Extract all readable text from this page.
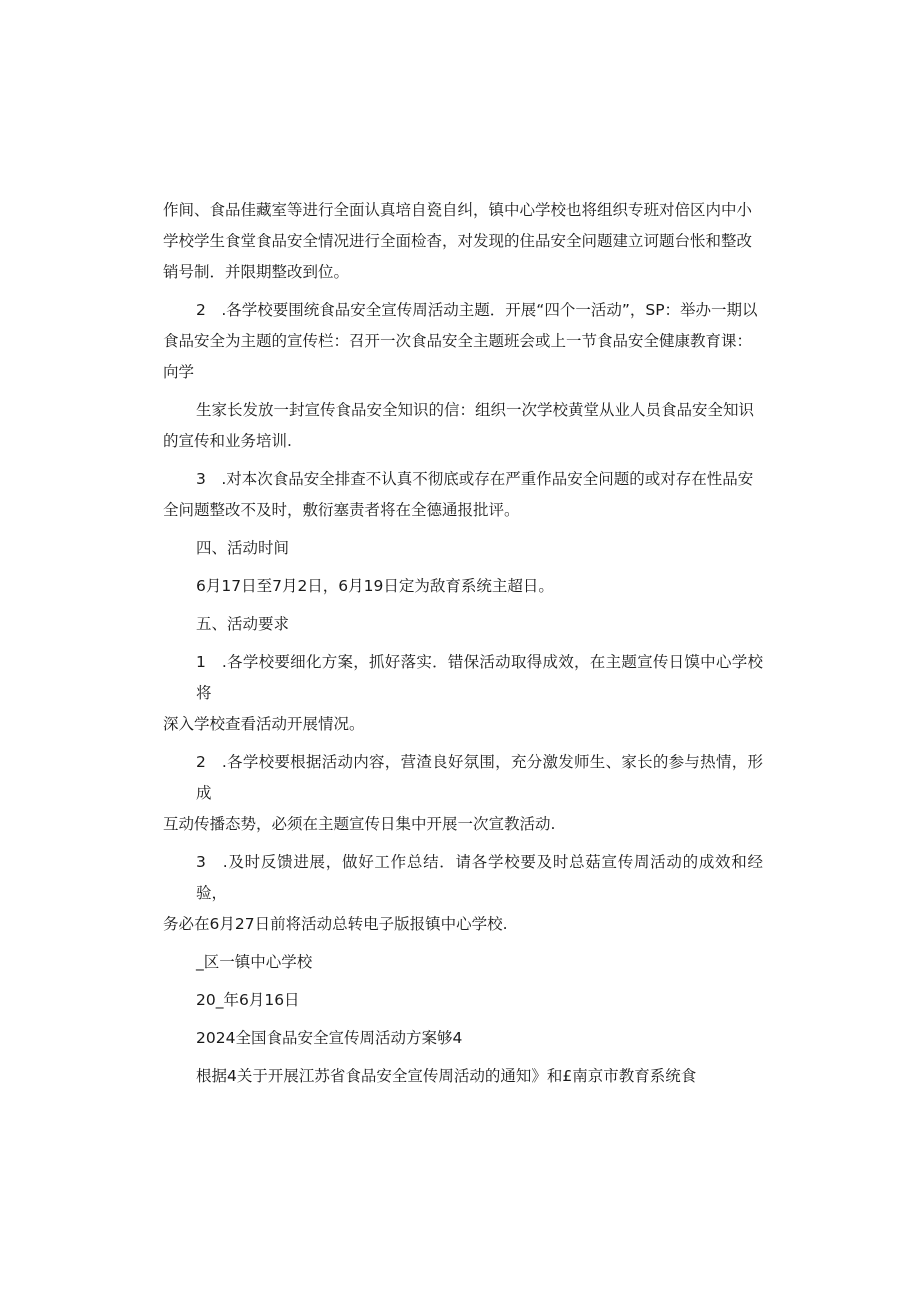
作间、食品佳藏室等进行全面认真培自瓷自纠，镇中心学校也将组织专班对倍区内中小
学校学生食堂食品安全情况进行全面检杳，对发现的住品安全问题建立诃题台怅和整改
销号制．并限期整改到位。

2　.各学校要围统食品安全宣传周活动主题．开展“四个一活动”，SP：举办一期以
食品安全为主题的宣传栏：召开一次食品安全主题班会或上一节食品安全健康教育课：
向学

生家长发放一封宣传食品安全知识的信：组织一次学校黄堂从业人员食品安全知识
的宣传和业务培训.

3　.对本次食品安全排查不认真不彻底或存在严重作品安全问题的或对存在性品安
全问题整改不及时，敷衍塞责者将在全德通报批评。

四、活动时间

6月17日至7月2日，6月19日定为敌育系统主超日。

五、活动要求

1　.各学校要细化方案，抓好落实．错保活动取得成效，在主题宣传日馍中心学校将
深入学校查看活动开展情况。

2　.各学校要根据活动内容，营渣良好氛围，充分激发师生、家长的参与热情，形成
互动传播态势，必须在主题宣传日集中开展一次宣教活动.

3　.及时反馈进展，做好工作总结．请各学校要及时总菇宣传周活动的成效和经验，
务必在6月27日前将活动总转电子版报镇中心学校.

_区一镇中心学校

20_年6月16日

2024全国食品安全宣传周活动方案够4

根据4关于开展江苏省食品安全宣传周活动的通知》和£南京市教育系统食
